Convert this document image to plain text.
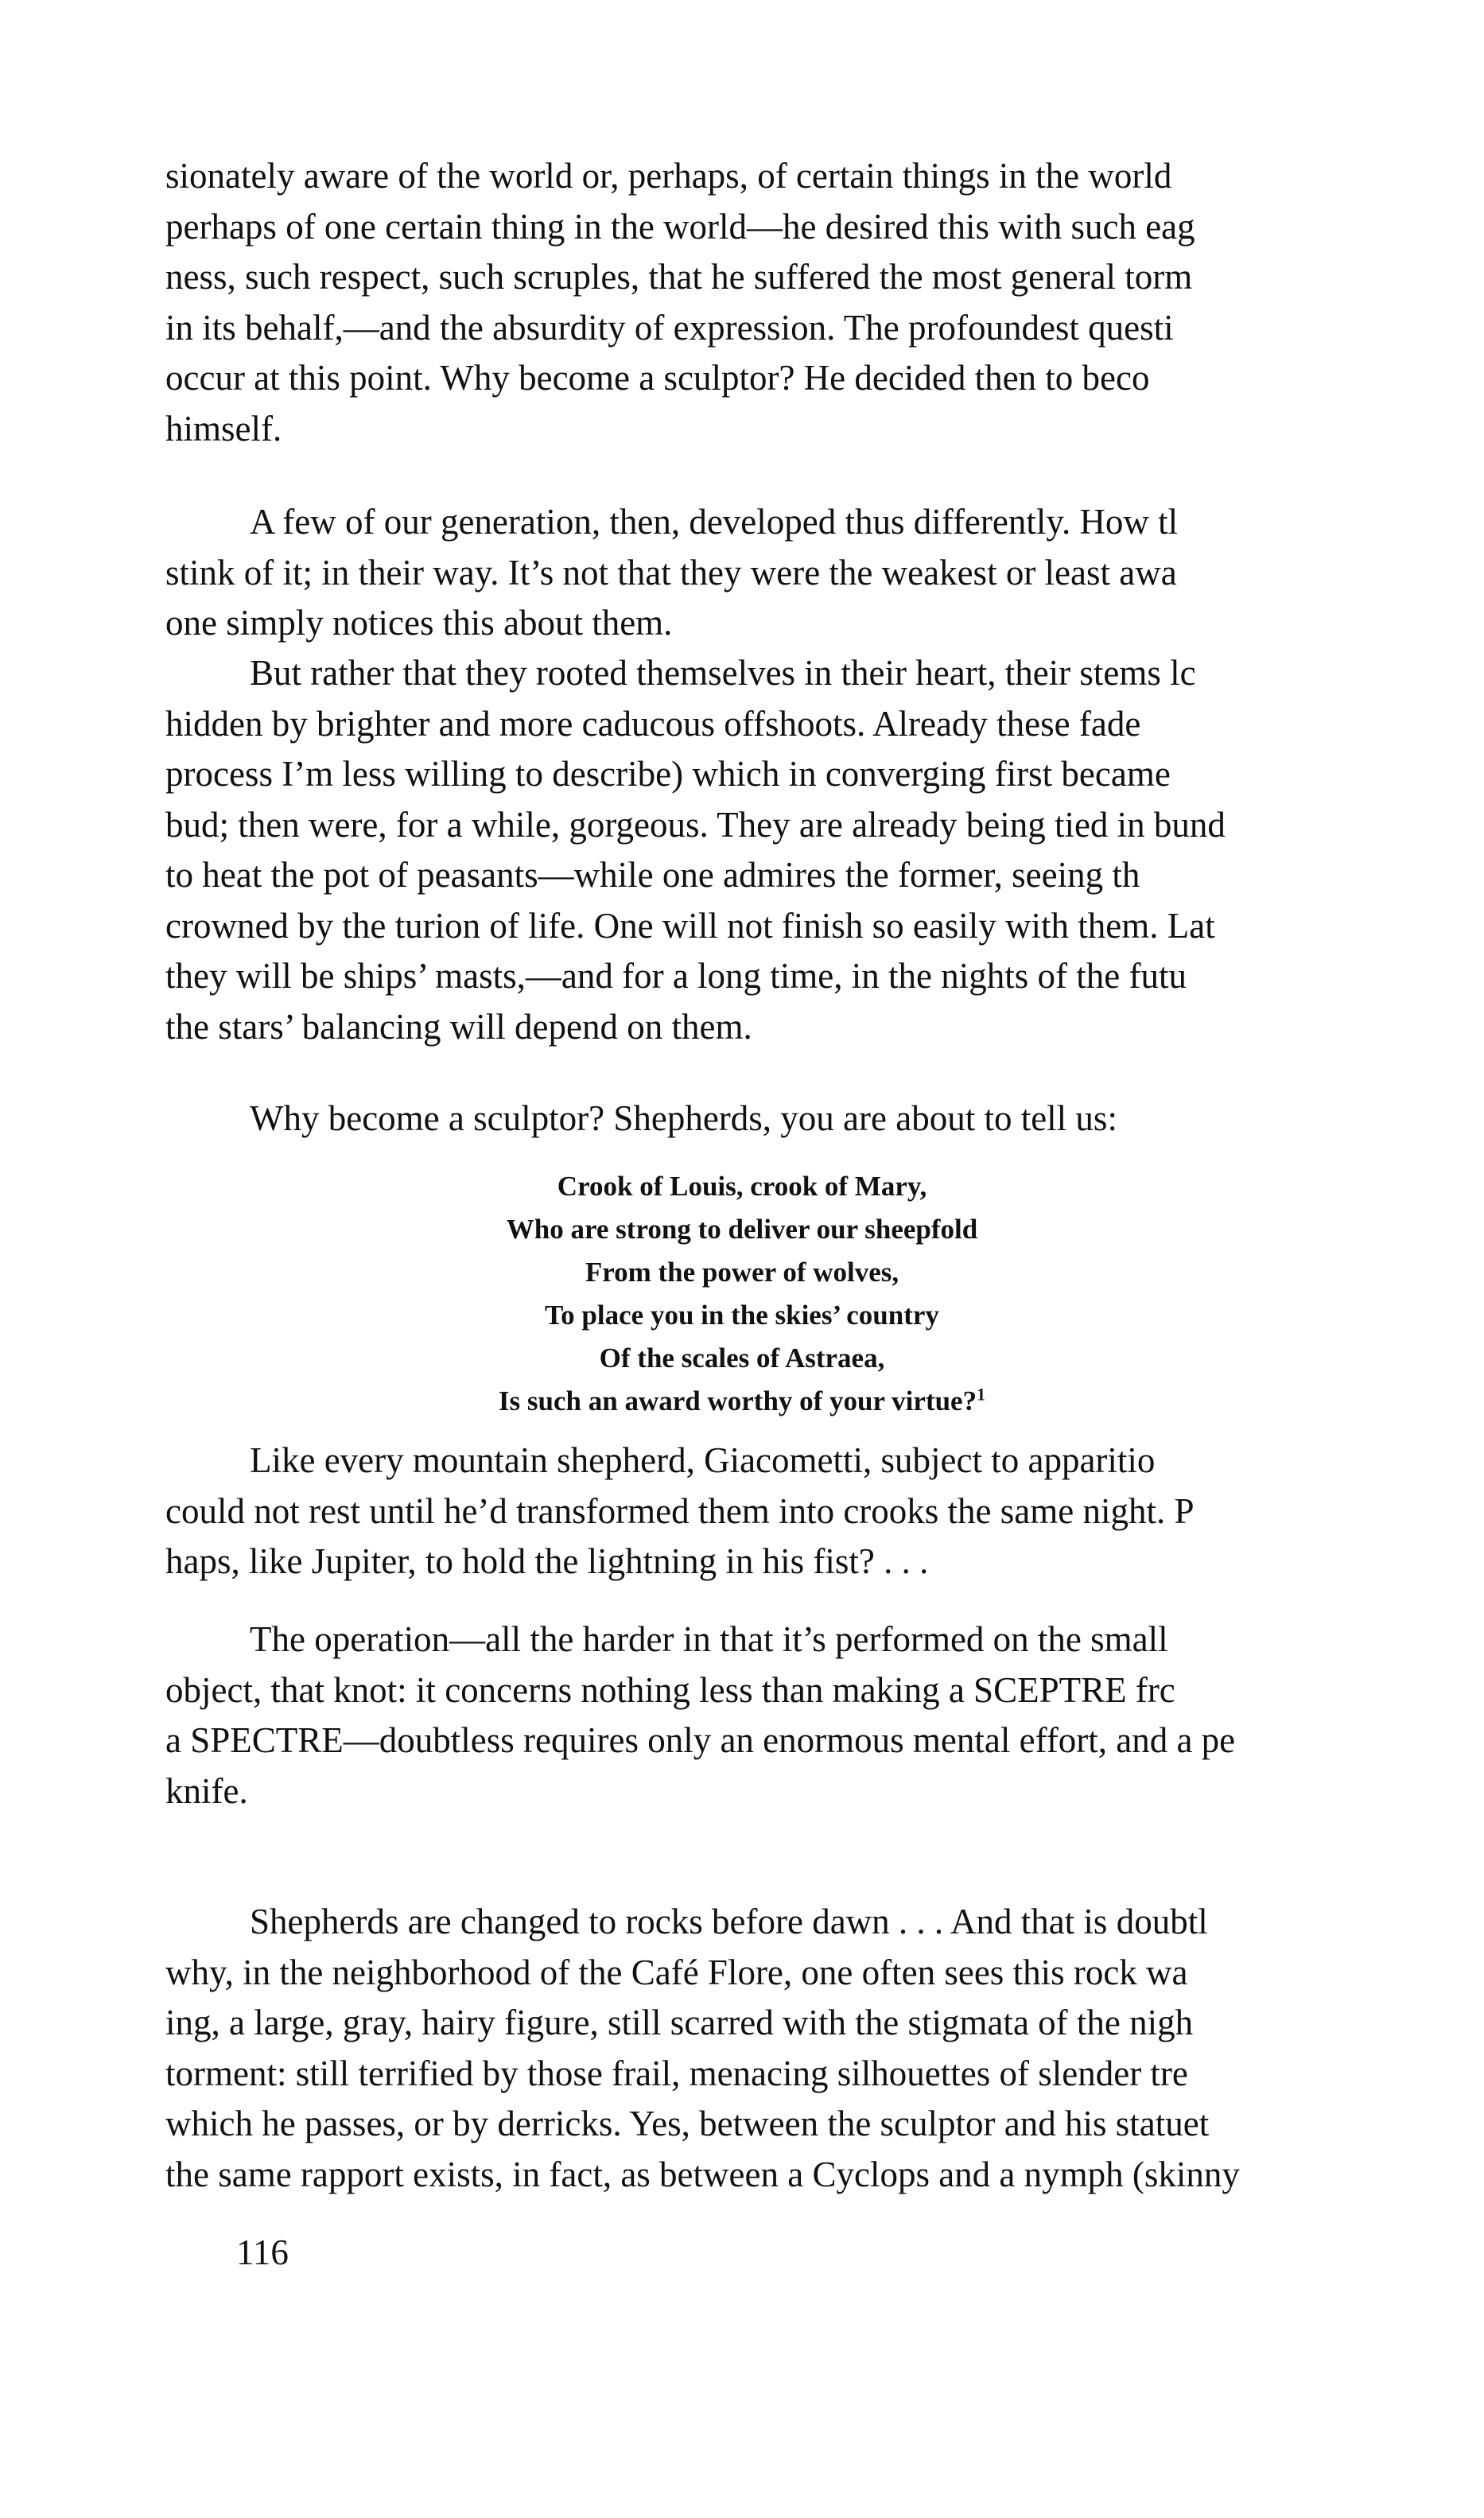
sionately aware of the world or, perhaps, of certain things in the world
perhaps of one certain thing in the world—he desired this with such eag
ness, such respect, such scruples, that he suffered the most general torm
in its behalf,—and the absurdity of expression. The profoundest questi
occur at this point. Why become a sculptor? He decided then to beco
himself.
A few of our generation, then, developed thus differently. How tl
stink of it; in their way. It’s not that they were the weakest or least awa
one simply notices this about them.
But rather that they rooted themselves in their heart, their stems lc
hidden by brighter and more caducous offshoots. Already these fade
process I’m less willing to describe) which in converging first became
bud; then were, for a while, gorgeous. They are already being tied in bund
to heat the pot of peasants—while one admires the former, seeing th
crowned by the turion of life. One will not finish so easily with them. Lat
they will be ships’ masts,—and for a long time, in the nights of the futu
the stars’ balancing will depend on them.
Why become a sculptor? Shepherds, you are about to tell us:
Crook of Louis, crook of Mary,
Who are strong to deliver our sheepfold
From the power of wolves,
To place you in the skies’ country
Of the scales of Astraea,
Is such an award worthy of your virtue?$^1$
Like every mountain shepherd, Giacometti, subject to apparitio
could not rest until he’d transformed them into crooks the same night. P
haps, like Jupiter, to hold the lightning in his fist? . . .
The operation—all the harder in that it’s performed on the small
object, that knot: it concerns nothing less than making a SCEPTRE frc
a SPECTRE—doubtless requires only an enormous mental effort, and a pe
knife.
Shepherds are changed to rocks before dawn . . . And that is doubtl
why, in the neighborhood of the Café Flore, one often sees this rock wa
ing, a large, gray, hairy figure, still scarred with the stigmata of the nigh
torment: still terrified by those frail, menacing silhouettes of slender tre
which he passes, or by derricks. Yes, between the sculptor and his statuet
the same rapport exists, in fact, as between a Cyclops and a nymph (skinny
116
